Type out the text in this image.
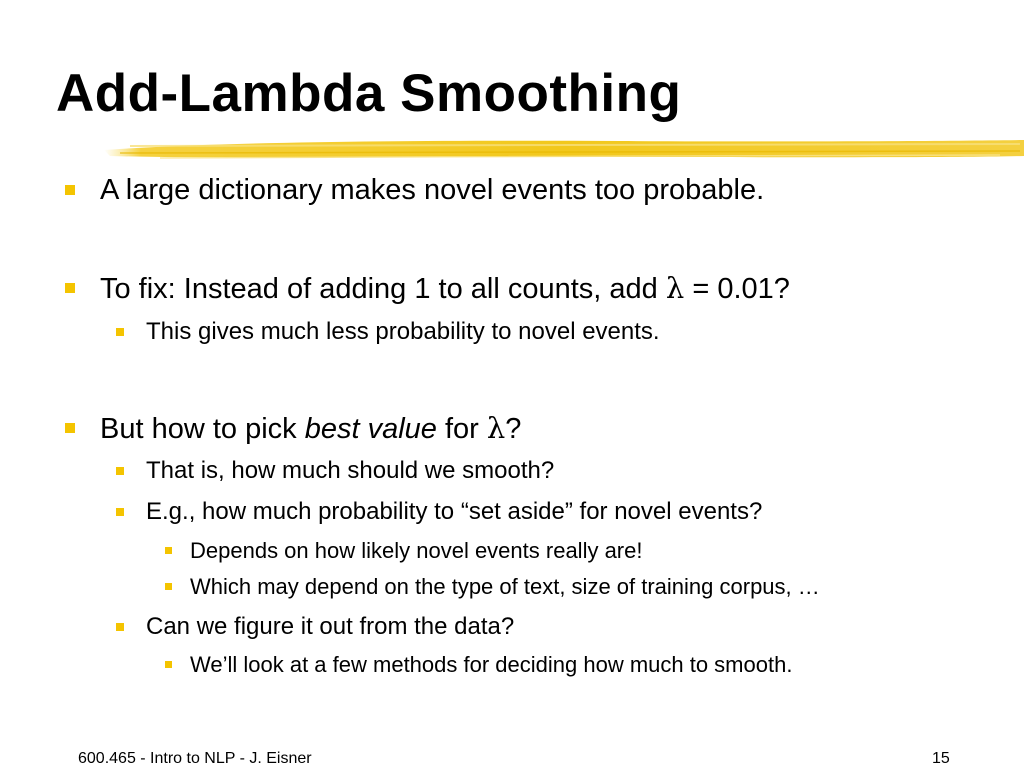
Add-Lambda Smoothing
A large dictionary makes novel events too probable.
To fix: Instead of adding 1 to all counts, add λ = 0.01?
This gives much less probability to novel events.
But how to pick best value for λ?
That is, how much should we smooth?
E.g., how much probability to “set aside” for novel events?
Depends on how likely novel events really are!
Which may depend on the type of text, size of training corpus, …
Can we figure it out from the data?
We’ll look at a few methods for deciding how much to smooth.
600.465 - Intro to NLP - J. Eisner	15
